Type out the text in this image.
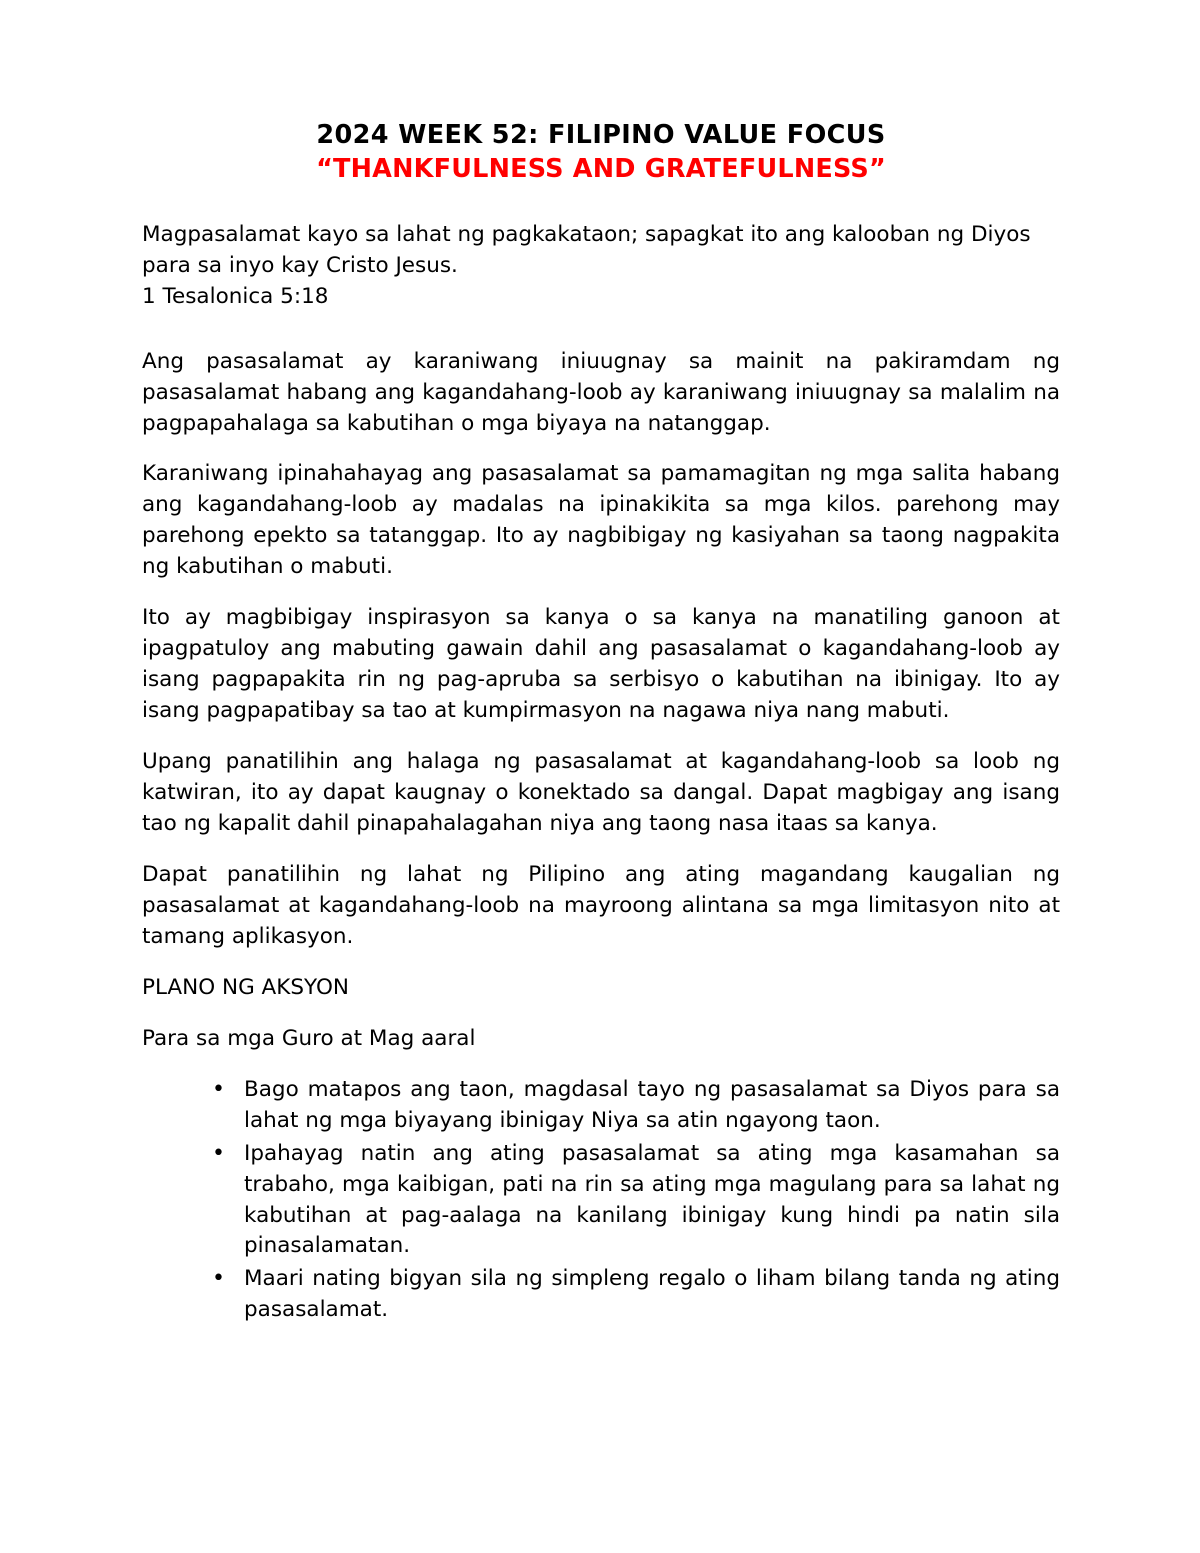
2024 WEEK 52: FILIPINO VALUE FOCUS
“THANKFULNESS AND GRATEFULNESS”

Magpasalamat kayo sa lahat ng pagkakataon; sapagkat ito ang kalooban ng Diyos para sa inyo kay Cristo Jesus.

1 Tesalonica 5:18

Ang pasasalamat ay karaniwang iniuugnay sa mainit na pakiramdam ng pasasalamat habang ang kagandahang-loob ay karaniwang iniuugnay sa malalim na pagpapahalaga sa kabutihan o mga biyaya na natanggap.

Karaniwang ipinahahayag ang pasasalamat sa pamamagitan ng mga salita habang ang kagandahang-loob ay madalas na ipinakikita sa mga kilos. parehong may parehong epekto sa tatanggap. Ito ay nagbibigay ng kasiyahan sa taong nagpakita ng kabutihan o mabuti.

Ito ay magbibigay inspirasyon sa kanya o sa kanya na manatiling ganoon at ipagpatuloy ang mabuting gawain dahil ang pasasalamat o kagandahang-loob ay isang pagpapakita rin ng pag-apruba sa serbisyo o kabutihan na ibinigay. Ito ay isang pagpapatibay sa tao at kumpirmasyon na nagawa niya nang mabuti.

Upang panatilihin ang halaga ng pasasalamat at kagandahang-loob sa loob ng katwiran, ito ay dapat kaugnay o konektado sa dangal. Dapat magbigay ang isang tao ng kapalit dahil pinapahalagahan niya ang taong nasa itaas sa kanya.

Dapat panatilihin ng lahat ng Pilipino ang ating magandang kaugalian ng pasasalamat at kagandahang-loob na mayroong alintana sa mga limitasyon nito at tamang aplikasyon.

PLANO NG AKSYON

Para sa mga Guro at Mag aaral

• Bago matapos ang taon, magdasal tayo ng pasasalamat sa Diyos para sa lahat ng mga biyayang ibinigay Niya sa atin ngayong taon.
• Ipahayag natin ang ating pasasalamat sa ating mga kasamahan sa trabaho, mga kaibigan, pati na rin sa ating mga magulang para sa lahat ng kabutihan at pag-aalaga na kanilang ibinigay kung hindi pa natin sila pinasalamatan.
• Maari nating bigyan sila ng simpleng regalo o liham bilang tanda ng ating pasasalamat.
